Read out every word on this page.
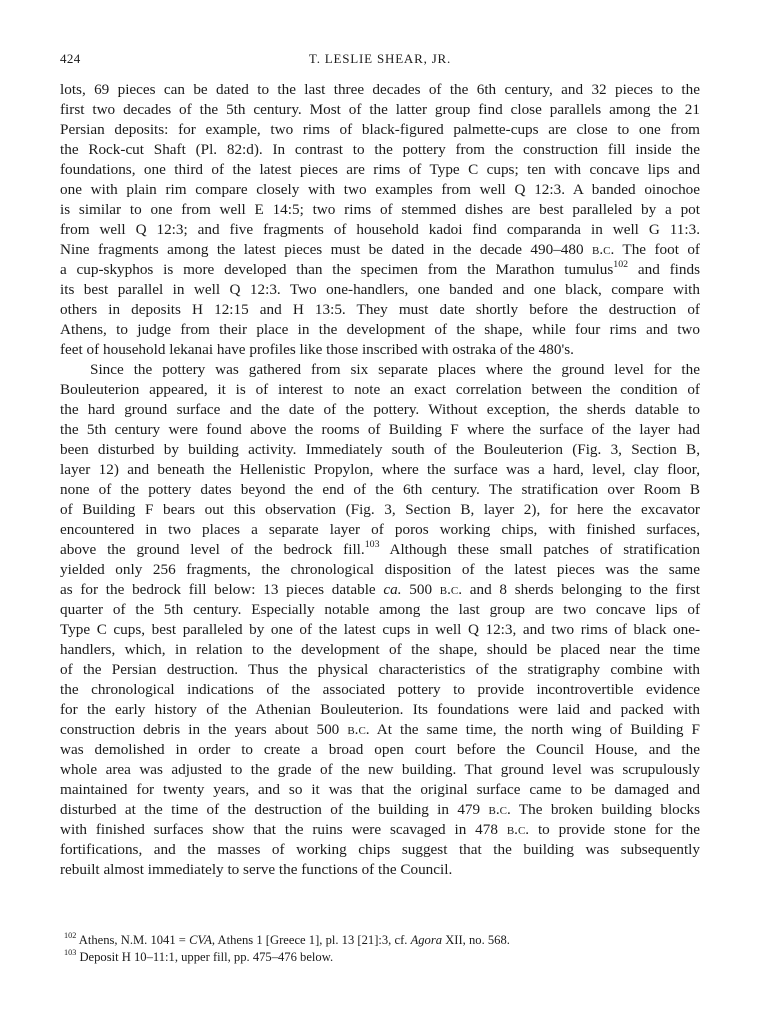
424	T. LESLIE SHEAR, JR.
lots, 69 pieces can be dated to the last three decades of the 6th century, and 32 pieces to the
first two decades of the 5th century. Most of the latter group find close parallels among the 21
Persian deposits: for example, two rims of black-figured palmette-cups are close to one from
the Rock-cut Shaft (Pl. 82:d). In contrast to the pottery from the construction fill inside the
foundations, one third of the latest pieces are rims of Type C cups; ten with concave lips and
one with plain rim compare closely with two examples from well Q 12:3. A banded oinochoe
is similar to one from well E 14:5; two rims of stemmed dishes are best paralleled by a pot
from well Q 12:3; and five fragments of household kadoi find comparanda in well G 11:3.
Nine fragments among the latest pieces must be dated in the decade 490–480 b.c. The foot of
a cup-skyphos is more developed than the specimen from the Marathon tumulus$^{102}$ and finds
its best parallel in well Q 12:3. Two one-handlers, one banded and one black, compare with
others in deposits H 12:15 and H 13:5. They must date shortly before the destruction of
Athens, to judge from their place in the development of the shape, while four rims and two
feet of household lekanai have profiles like those inscribed with ostraka of the 480's.
Since the pottery was gathered from six separate places where the ground level for the
Bouleuterion appeared, it is of interest to note an exact correlation between the condition of
the hard ground surface and the date of the pottery. Without exception, the sherds datable to
the 5th century were found above the rooms of Building F where the surface of the layer had
been disturbed by building activity. Immediately south of the Bouleuterion (Fig. 3, Section B,
layer 12) and beneath the Hellenistic Propylon, where the surface was a hard, level, clay floor,
none of the pottery dates beyond the end of the 6th century. The stratification over Room B
of Building F bears out this observation (Fig. 3, Section B, layer 2), for here the excavator
encountered in two places a separate layer of poros working chips, with finished surfaces,
above the ground level of the bedrock fill.$^{103}$ Although these small patches of stratification
yielded only 256 fragments, the chronological disposition of the latest pieces was the same
as for the bedrock fill below: 13 pieces datable ca. 500 b.c. and 8 sherds belonging to the first
quarter of the 5th century. Especially notable among the last group are two concave lips of
Type C cups, best paralleled by one of the latest cups in well Q 12:3, and two rims of black one-
handlers, which, in relation to the development of the shape, should be placed near the time
of the Persian destruction. Thus the physical characteristics of the stratigraphy combine with
the chronological indications of the associated pottery to provide incontrovertible evidence
for the early history of the Athenian Bouleuterion. Its foundations were laid and packed with
construction debris in the years about 500 b.c. At the same time, the north wing of Building F
was demolished in order to create a broad open court before the Council House, and the
whole area was adjusted to the grade of the new building. That ground level was scrupulously
maintained for twenty years, and so it was that the original surface came to be damaged and
disturbed at the time of the destruction of the building in 479 b.c. The broken building blocks
with finished surfaces show that the ruins were scavaged in 478 b.c. to provide stone for the
fortifications, and the masses of working chips suggest that the building was subsequently
rebuilt almost immediately to serve the functions of the Council.
$^{102}$ Athens, N.M. 1041 = CVA, Athens 1 [Greece 1], pl. 13 [21]:3, cf. Agora XII, no. 568.
$^{103}$ Deposit H 10–11:1, upper fill, pp. 475–476 below.
